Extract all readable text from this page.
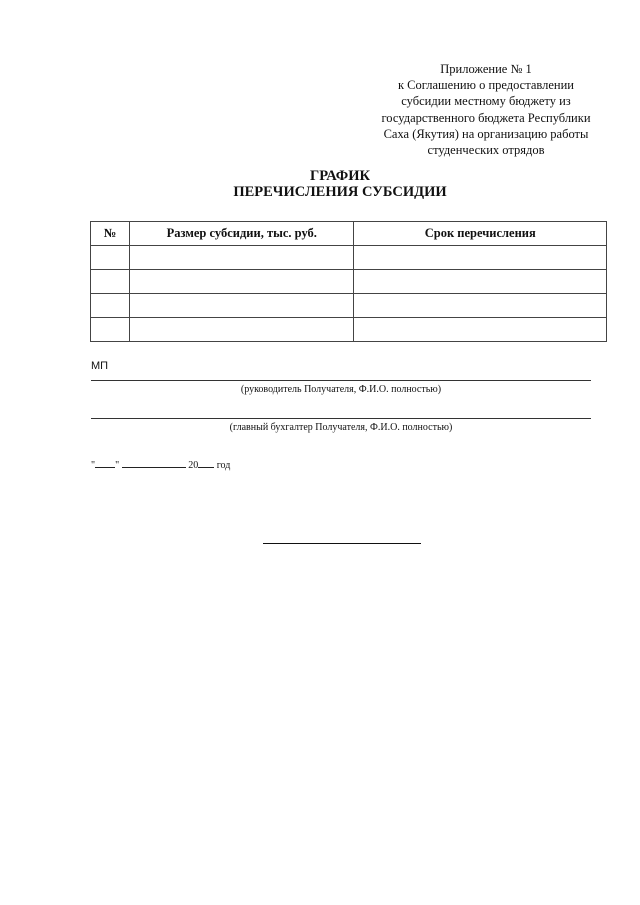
Приложение № 1
к Соглашению о предоставлении
субсидии местному бюджету из
государственного бюджета Республики
Саха (Якутия) на организацию работы
студенческих отрядов
ГРАФИК
ПЕРЕЧИСЛЕНИЯ СУБСИДИИ
№	Размер субсидии, тыс. руб.	Срок перечисления

МП
(руководитель Получателя, Ф.И.О. полностью)
(главный бухгалтер Получателя, Ф.И.О. полностью)
" "	20 год
